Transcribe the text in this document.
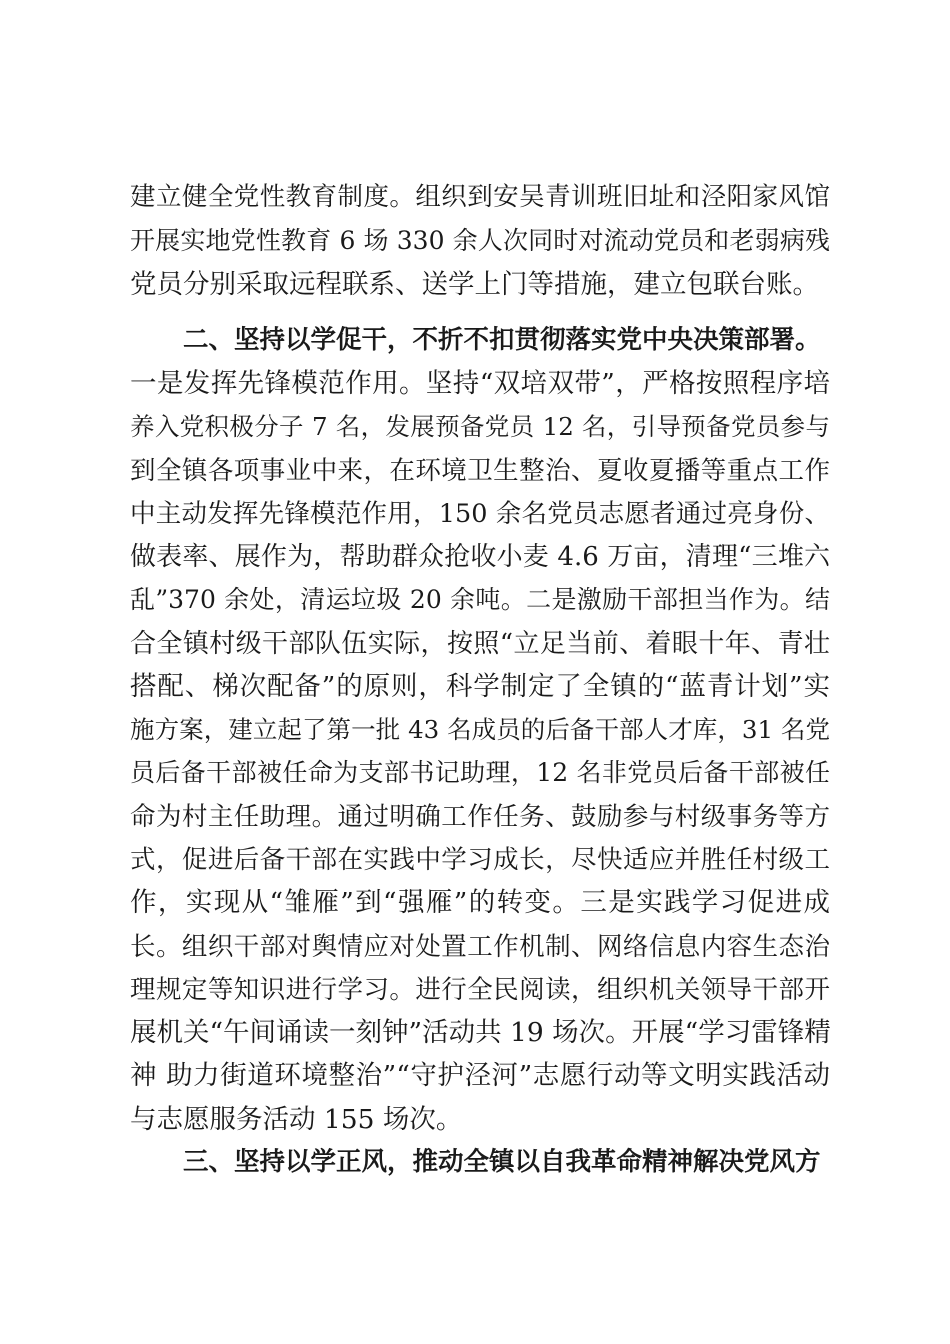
建立健全党性教育制度。组织到安吴青训班旧址和泾阳家风馆
开展实地党性教育 6 场 330 余人次同时对流动党员和老弱病残
党员分别采取远程联系、送学上门等措施，建立包联台账。
二、坚持以学促干，不折不扣贯彻落实党中央决策部署。
一是发挥先锋模范作用。坚持“双培双带”，严格按照程序培
养入党积极分子 7 名，发展预备党员 12 名，引导预备党员参与
到全镇各项事业中来，在环境卫生整治、夏收夏播等重点工作
中主动发挥先锋模范作用，150 余名党员志愿者通过亮身份、
做表率、展作为，帮助群众抢收小麦 4.6 万亩，清理“三堆六
乱”370 余处，清运垃圾 20 余吨。二是激励干部担当作为。结
合全镇村级干部队伍实际，按照“立足当前、着眼十年、青壮
搭配、梯次配备”的原则，科学制定了全镇的“蓝青计划”实
施方案，建立起了第一批 43 名成员的后备干部人才库，31 名党
员后备干部被任命为支部书记助理，12 名非党员后备干部被任
命为村主任助理。通过明确工作任务、鼓励参与村级事务等方
式，促进后备干部在实践中学习成长，尽快适应并胜任村级工
作，实现从“雏雁”到“强雁”的转变。三是实践学习促进成
长。组织干部对舆情应对处置工作机制、网络信息内容生态治
理规定等知识进行学习。进行全民阅读，组织机关领导干部开
展机关“午间诵读一刻钟”活动共 19 场次。开展“学习雷锋精
神 助力街道环境整治”“守护泾河”志愿行动等文明实践活动
与志愿服务活动 155 场次。
三、坚持以学正风，推动全镇以自我革命精神解决党风方
